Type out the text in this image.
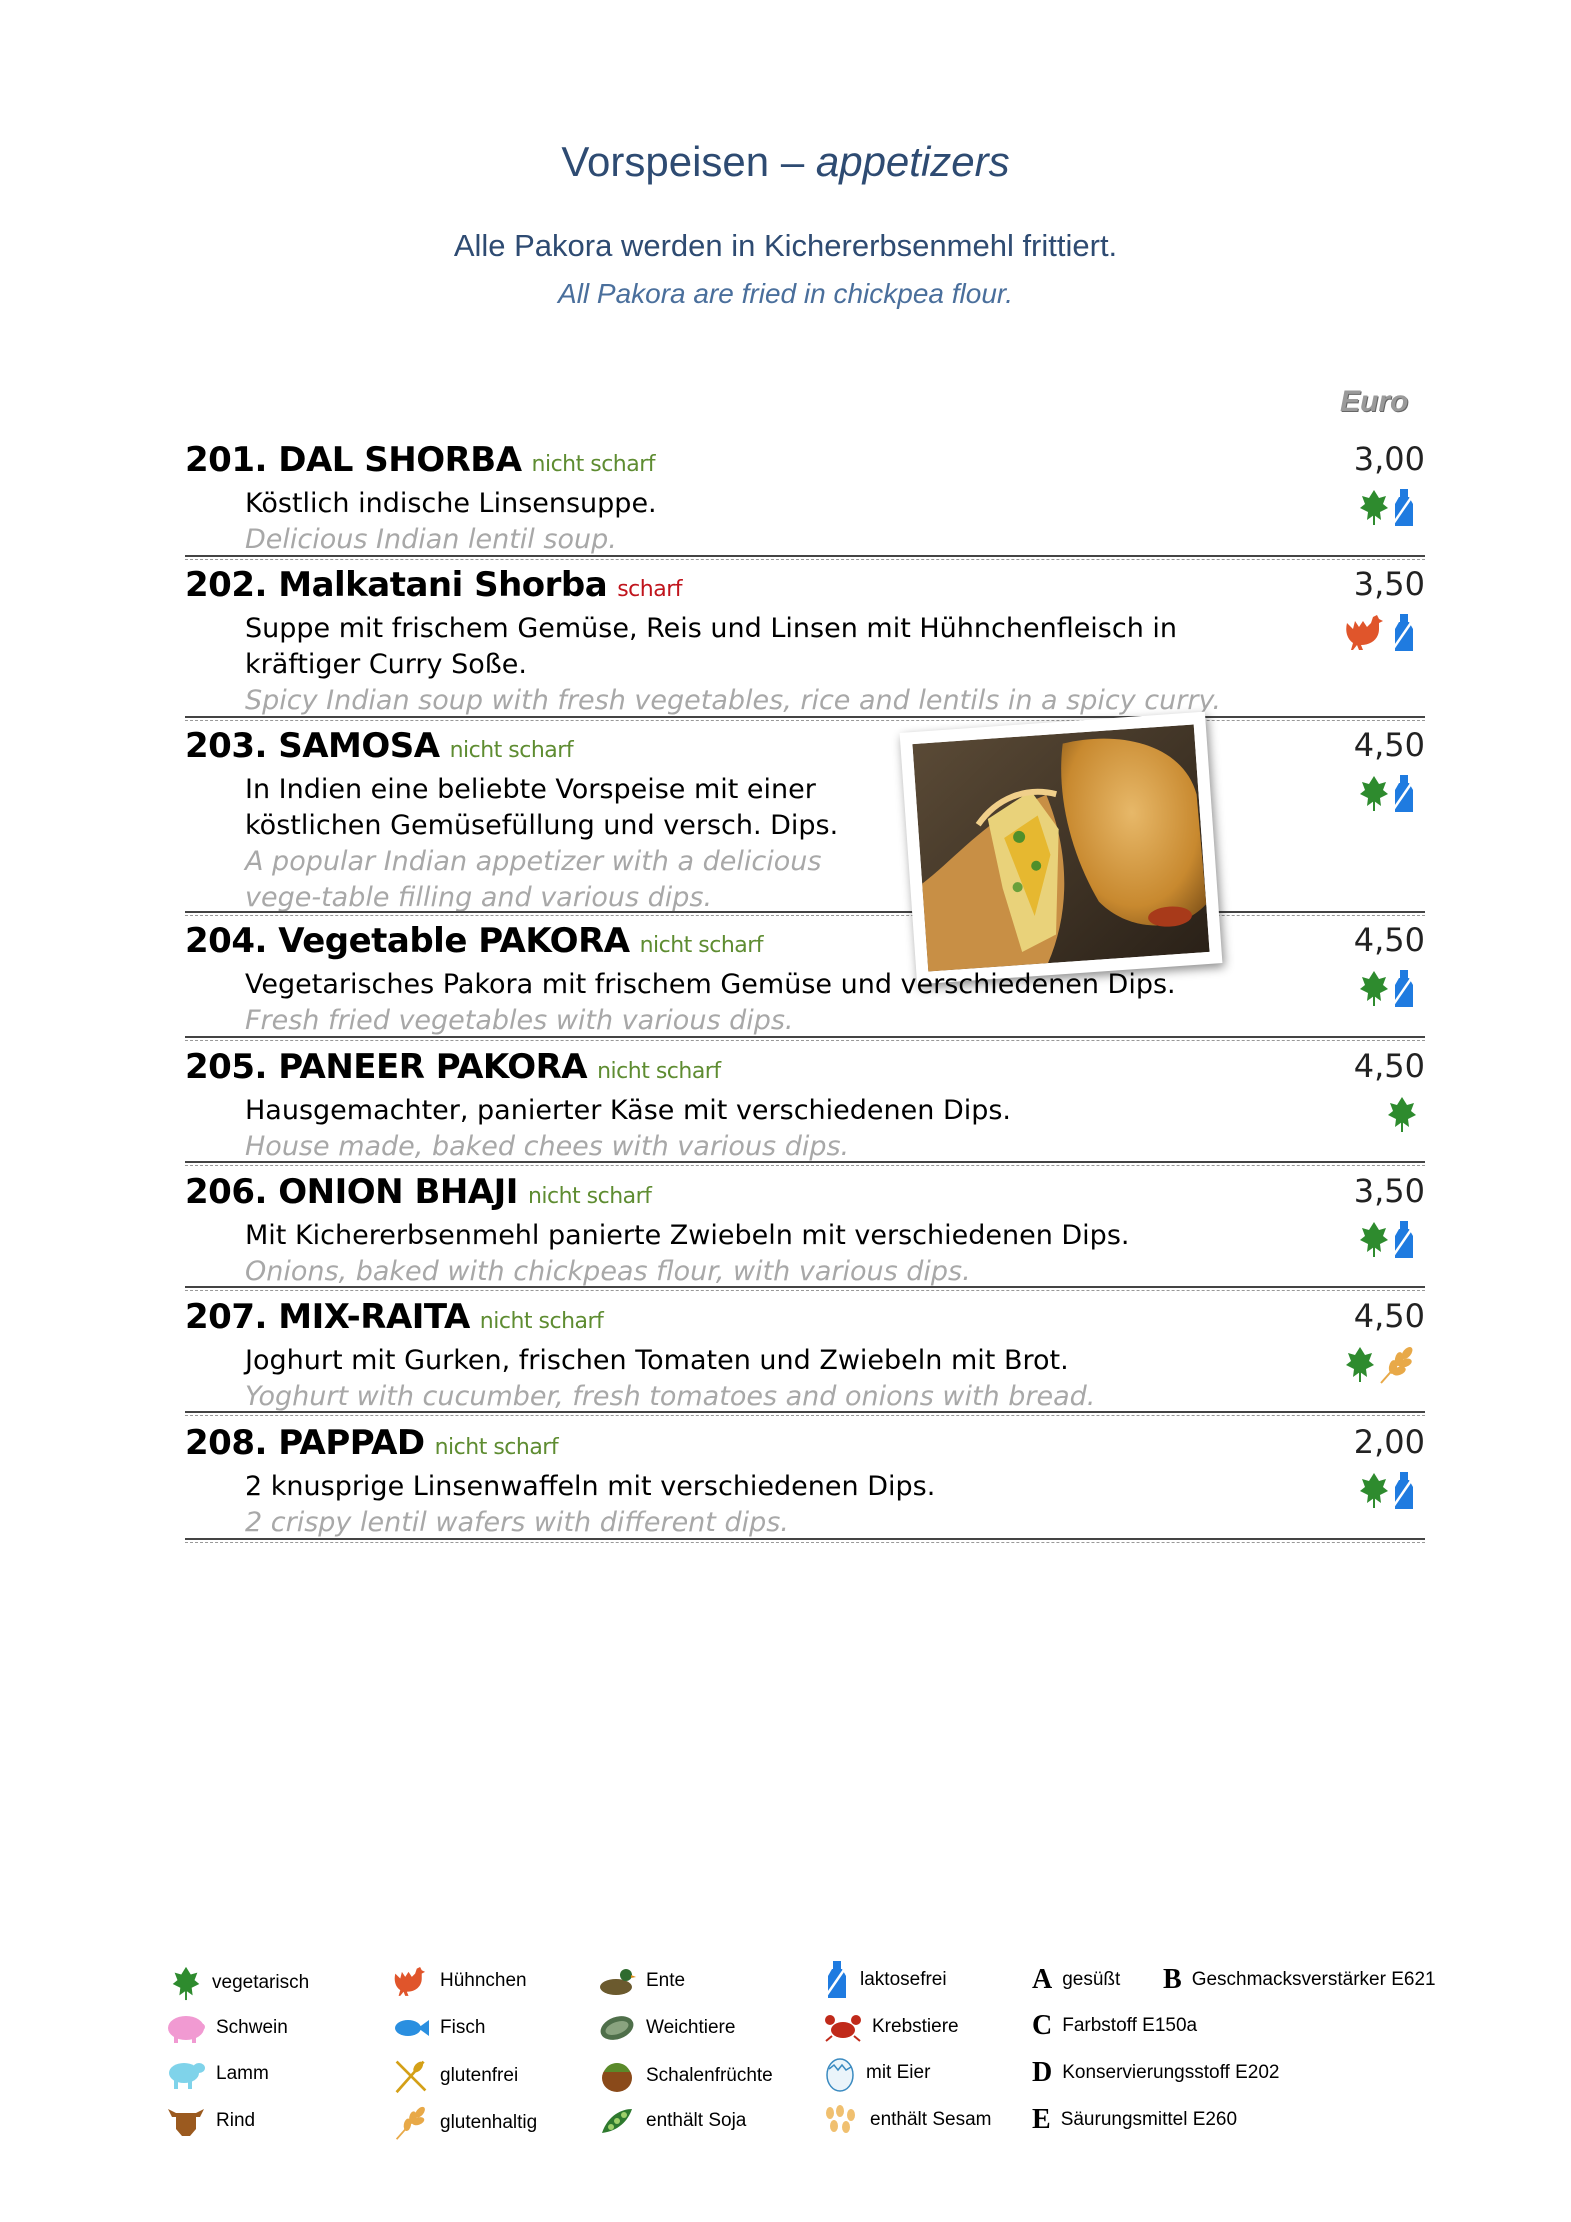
Vorspeisen – appetizers
Alle Pakora werden in Kichererbsenmehl frittiert.
All Pakora are fried in chickpea flour.
Euro
201. DAL SHORBA nicht scharf
Köstlich indische Linsensuppe.
Delicious Indian lentil soup.
3,00
202. Malkatani Shorba scharf
Suppe mit frischem Gemüse, Reis und Linsen mit Hühnchenfleisch in kräftiger Curry Soße.
Spicy Indian soup with fresh vegetables, rice and lentils in a spicy curry.
3,50
203. SAMOSA nicht scharf
In Indien eine beliebte Vorspeise mit einer köstlichen Gemüsefüllung und versch. Dips.
A popular Indian appetizer with a delicious vege-table filling and various dips.
4,50
204. Vegetable PAKORA nicht scharf
Vegetarisches Pakora mit frischem Gemüse und verschiedenen Dips.
Fresh fried vegetables with various dips.
4,50
205. PANEER PAKORA nicht scharf
Hausgemachter, panierter Käse mit verschiedenen Dips.
House made, baked chees with various dips.
4,50
206. ONION BHAJI nicht scharf
Mit Kichererbsenmehl panierte Zwiebeln mit verschiedenen Dips.
Onions, baked with chickpeas flour, with various dips.
3,50
207. MIX-RAITA nicht scharf
Joghurt mit Gurken, frischen Tomaten und Zwiebeln mit Brot.
Yoghurt with cucumber, fresh tomatoes and onions with bread.
4,50
208. PAPPAD nicht scharf
2 knusprige Linsenwaffeln mit verschiedenen Dips.
2 crispy lentil wafers with different dips.
2,00
vegetarisch
Schwein
Lamm
Rind
Hühnchen
Fisch
glutenfrei
glutenhaltig
Ente
Weichtiere
Schalenfrüchte
enthält Soja
laktosefrei
Krebstiere
mit Eier
enthält Sesam
A gesüßt B Geschmacksverstärker E621
C Farbstoff E150a
D Konservierungsstoff E202
E Säurungsmittel E260
